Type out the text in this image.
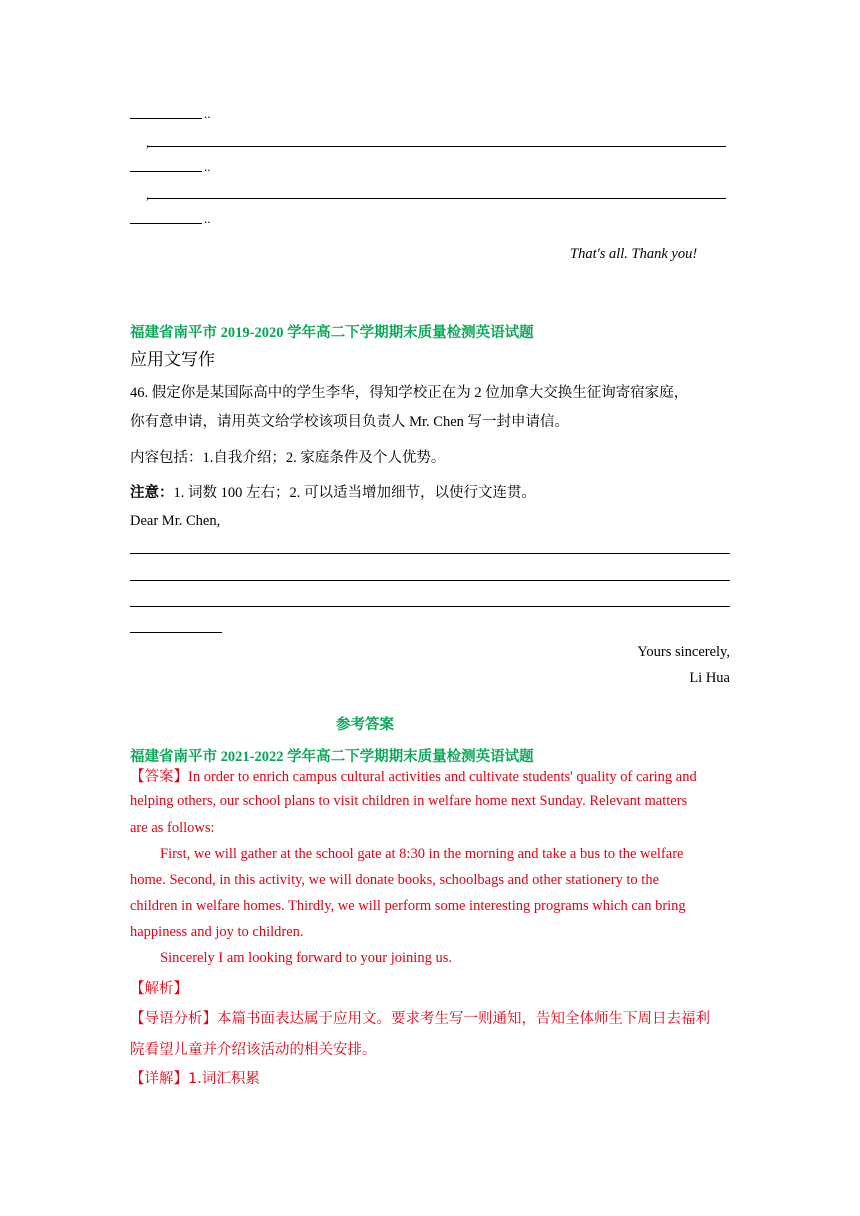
..
,
..
,
..
That's all. Thank you!
福建省南平市 2019-2020 学年高二下学期期末质量检测英语试题
应用文写作
46. 假定你是某国际高中的学生李华，得知学校正在为 2 位加拿大交换生征询寄宿家庭，
你有意申请，请用英文给学校该项目负责人 Mr. Chen 写一封申请信。
内容包括：1.自我介绍；2. 家庭条件及个人优势。
注意：1. 词数 100 左右；2. 可以适当增加细节，以使行文连贯。
Dear Mr. Chen,
Yours sincerely,
Li Hua
参考答案
福建省南平市 2021-2022 学年高二下学期期末质量检测英语试题
【答案】In order to enrich campus cultural activities and cultivate students' quality of caring and
helping others, our school plans to visit children in welfare home next Sunday. Relevant matters
are as follows:
First, we will gather at the school gate at 8:30 in the morning and take a bus to the welfare
home. Second, in this activity, we will donate books, schoolbags and other stationery to the
children in welfare homes. Thirdly, we will perform some interesting programs which can bring
happiness and joy to children.
Sincerely I am looking forward to your joining us.
【解析】
【导语分析】本篇书面表达属于应用文。要求考生写一则通知，告知全体师生下周日去福利
院看望儿童并介绍该活动的相关安排。
【详解】1.词汇积累
